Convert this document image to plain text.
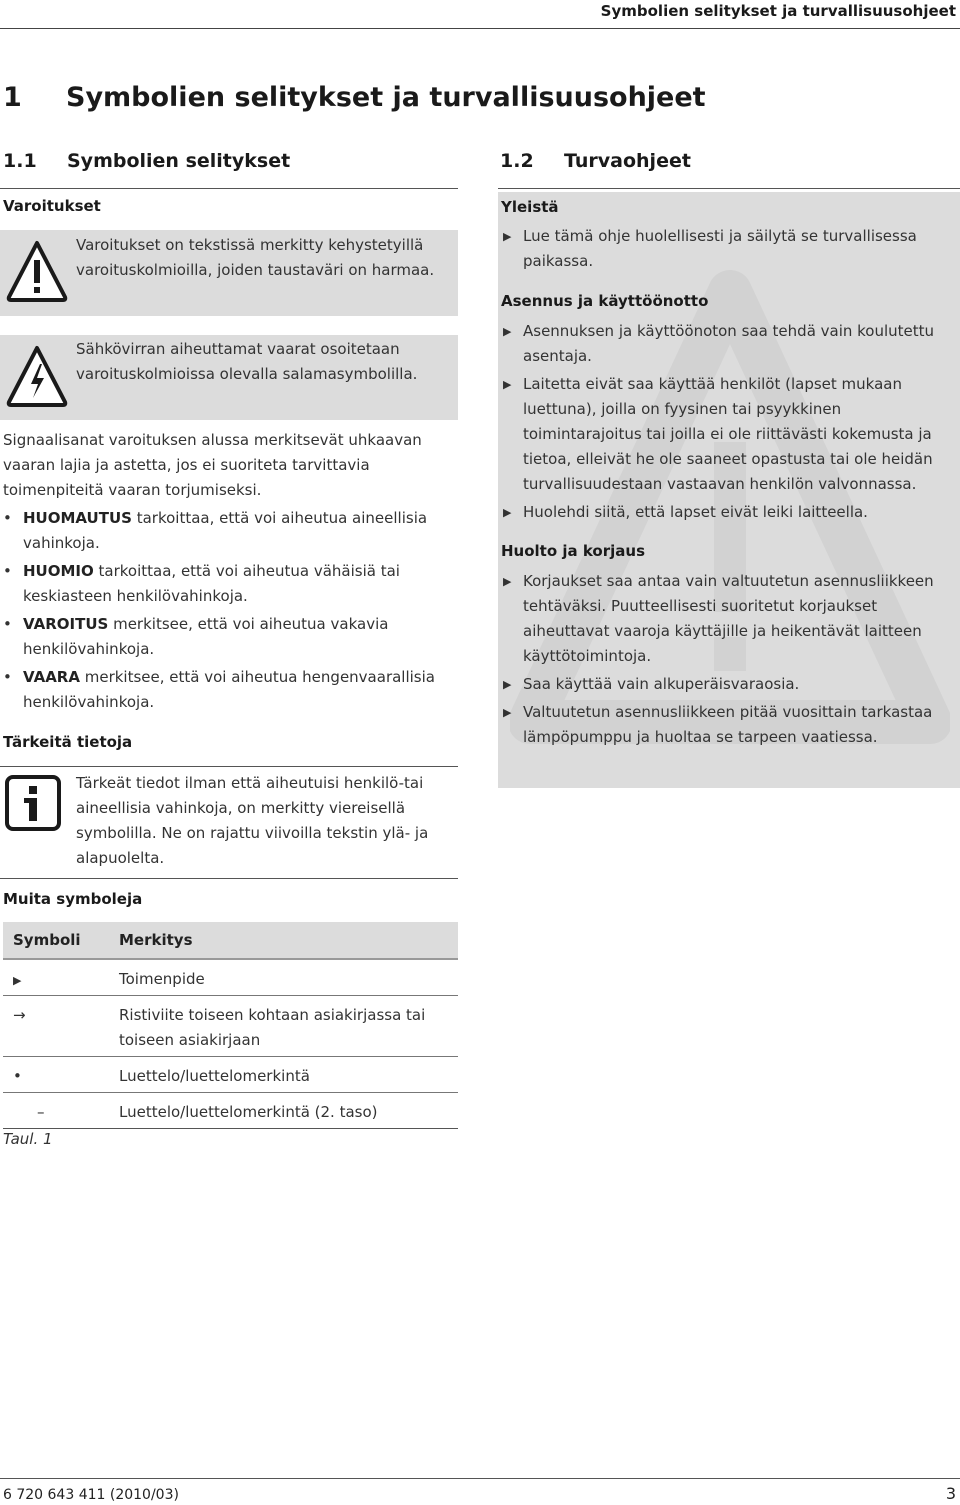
Symbolien selitykset ja turvallisuusohjeet
1 Symbolien selitykset ja turvallisuusohjeet
1.1 Symbolien selitykset
Varoitukset
Varoitukset on tekstissä merkitty kehystetyillä varoituskolmioilla, joiden taustaväri on harmaa.
Sähkövirran aiheuttamat vaarat osoitetaan varoituskolmioissa olevalla salamasymbolilla.
Signaalisanat varoituksen alussa merkitsevät uhkaavan vaaran lajia ja astetta, jos ei suoriteta tarvittavia toimenpiteitä vaaran torjumiseksi.
• HUOMAUTUS tarkoittaa, että voi aiheutua aineellisia vahinkoja.
• HUOMIO tarkoittaa, että voi aiheutua vähäisiä tai keskiasteen henkilövahinkoja.
• VAROITUS merkitsee, että voi aiheutua vakavia henkilövahinkoja.
• VAARA merkitsee, että voi aiheutua hengenvaarallisia henkilövahinkoja.
Tärkeitä tietoja
Tärkeät tiedot ilman että aiheutuisi henkilö-tai aineellisia vahinkoja, on merkitty viereisellä symbolilla. Ne on rajattu viivoilla tekstin ylä- ja alapuolelta.
Muita symboleja
Symboli	Merkitys
▶	Toimenpide
→	Ristiviite toiseen kohtaan asiakirjassa tai toiseen asiakirjaan
•	Luettelo/luettelomerkintä
–	Luettelo/luettelomerkintä (2. taso)
Taul. 1
1.2 Turvaohjeet
Yleistä
▶ Lue tämä ohje huolellisesti ja säilytä se turvallisessa paikassa.
Asennus ja käyttöönotto
▶ Asennuksen ja käyttöönoton saa tehdä vain koulutettu asentaja.
▶ Laitetta eivät saa käyttää henkilöt (lapset mukaan luettuna), joilla on fyysinen tai psyykkinen toimintarajoitus tai joilla ei ole riittävästi kokemusta ja tietoa, elleivät he ole saaneet opastusta tai ole heidän turvallisuudestaan vastaavan henkilön valvonnassa.
▶ Huolehdi siitä, että lapset eivät leiki laitteella.
Huolto ja korjaus
▶ Korjaukset saa antaa vain valtuutetun asennusliikkeen tehtäväksi. Puutteellisesti suoritetut korjaukset aiheuttavat vaaroja käyttäjille ja heikentävät laitteen käyttötoimintoja.
▶ Saa käyttää vain alkuperäisvaraosia.
▶ Valtuutetun asennusliikkeen pitää vuosittain tarkastaa lämpöpumppu ja huoltaa se tarpeen vaatiessa.
6 720 643 411 (2010/03)	3
